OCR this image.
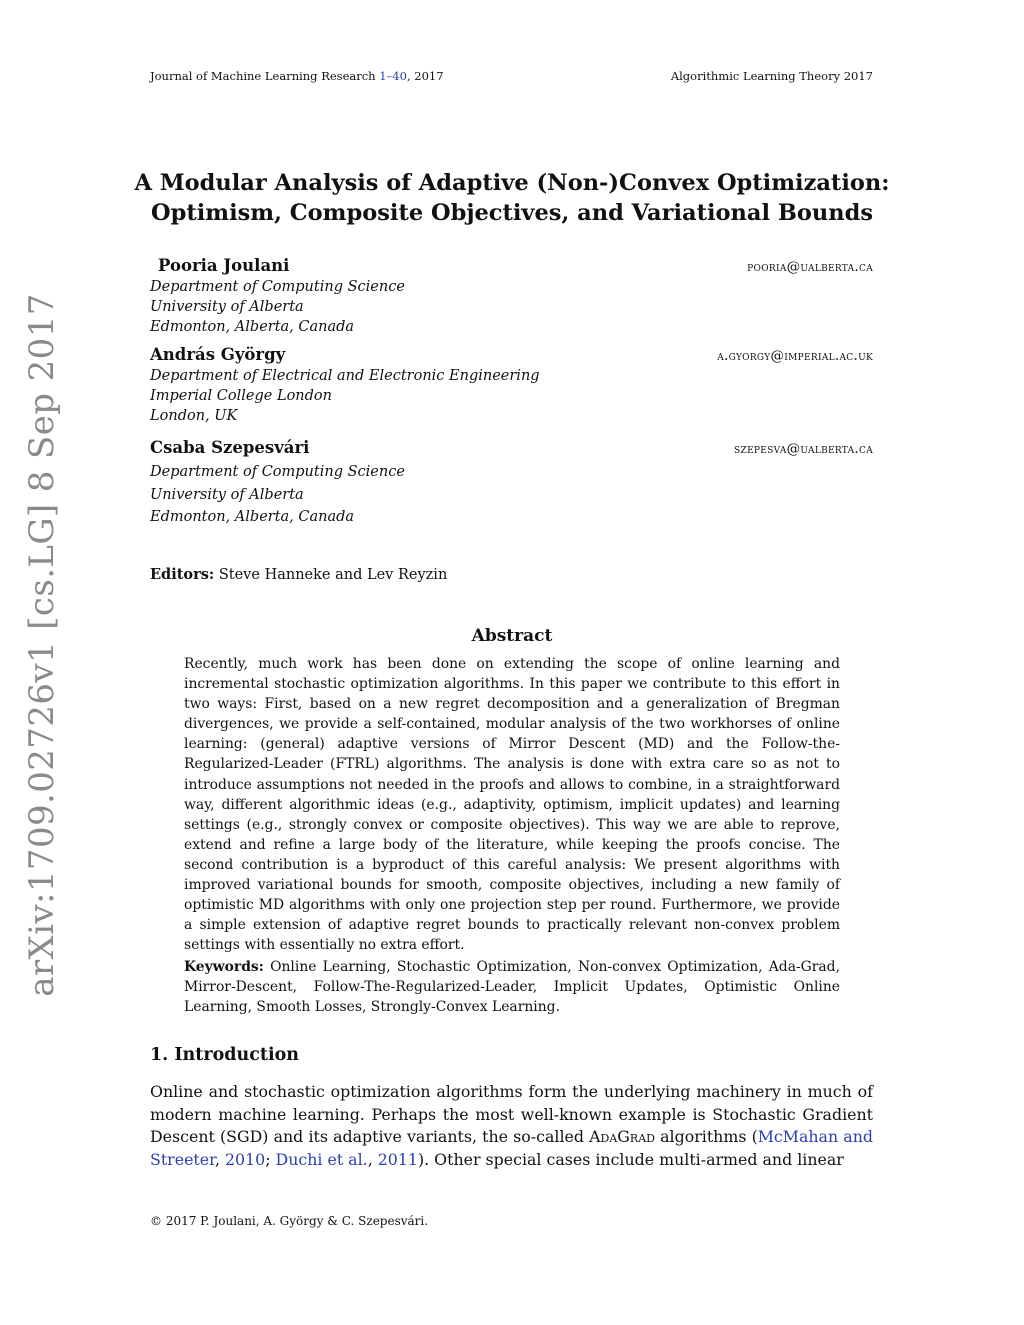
Journal of Machine Learning Research 1–40, 2017	Algorithmic Learning Theory 2017
arXiv:1709.02726v1 [cs.LG] 8 Sep 2017
A Modular Analysis of Adaptive (Non-)Convex Optimization:
Optimism, Composite Objectives, and Variational Bounds
Pooria Joulani	pooria@ualberta.ca
Department of Computing Science
University of Alberta
Edmonton, Alberta, Canada
András György	a.gyorgy@imperial.ac.uk
Department of Electrical and Electronic Engineering
Imperial College London
London, UK
Csaba Szepesvári	szepesva@ualberta.ca
Department of Computing Science
University of Alberta
Edmonton, Alberta, Canada
Editors: Steve Hanneke and Lev Reyzin
Abstract
Recently, much work has been done on extending the scope of online learning and incremental stochastic optimization algorithms. In this paper we contribute to this effort in two ways: First, based on a new regret decomposition and a generalization of Bregman divergences, we provide a self-contained, modular analysis of the two workhorses of online learning: (general) adaptive versions of Mirror Descent (MD) and the Follow-the-Regularized-Leader (FTRL) algorithms. The analysis is done with extra care so as not to introduce assumptions not needed in the proofs and allows to combine, in a straightforward way, different algorithmic ideas (e.g., adaptivity, optimism, implicit updates) and learning settings (e.g., strongly convex or composite objectives). This way we are able to reprove, extend and refine a large body of the literature, while keeping the proofs concise. The second contribution is a byproduct of this careful analysis: We present algorithms with improved variational bounds for smooth, composite objectives, including a new family of optimistic MD algorithms with only one projection step per round. Furthermore, we provide a simple extension of adaptive regret bounds to practically relevant non-convex problem settings with essentially no extra effort.
Keywords: Online Learning, Stochastic Optimization, Non-convex Optimization, Ada-Grad, Mirror-Descent, Follow-The-Regularized-Leader, Implicit Updates, Optimistic Online Learning, Smooth Losses, Strongly-Convex Learning.
1. Introduction
Online and stochastic optimization algorithms form the underlying machinery in much of modern machine learning. Perhaps the most well-known example is Stochastic Gradient Descent (SGD) and its adaptive variants, the so-called AdaGrad algorithms (McMahan and Streeter, 2010; Duchi et al., 2011). Other special cases include multi-armed and linear
© 2017 P. Joulani, A. György & C. Szepesvári.
